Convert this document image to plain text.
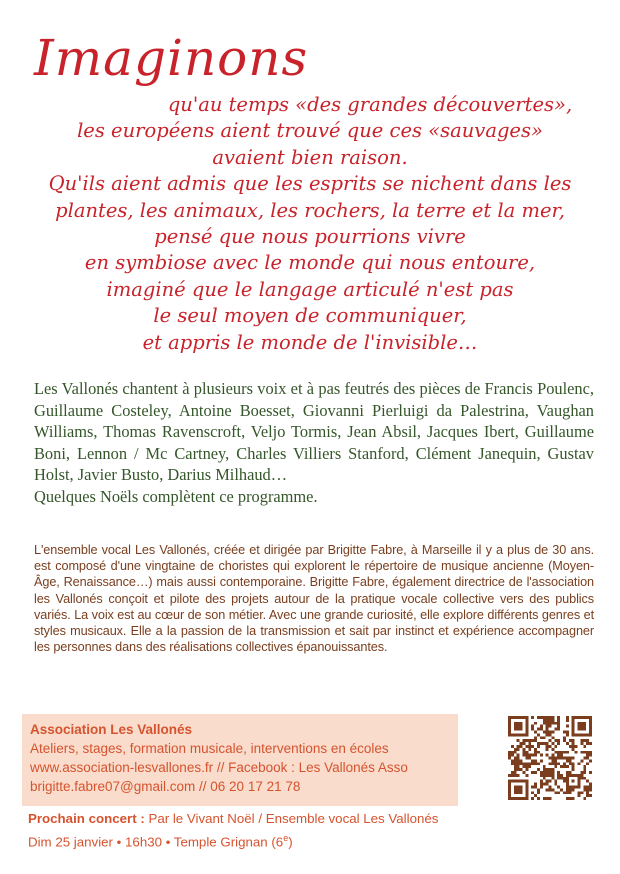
Imaginons
qu'au temps «des grandes découvertes»,
les européens aient trouvé que ces «sauvages»
avaient bien raison.
Qu'ils aient admis que les esprits se nichent dans les
plantes, les animaux, les rochers, la terre et la mer,
pensé que nous pourrions vivre
en symbiose avec le monde qui nous entoure,
imaginé que le langage articulé n'est pas
le seul moyen de communiquer,
et appris le monde de l'invisible…

Les Vallonés chantent à plusieurs voix et à pas feutrés des pièces de Francis Poulenc, Guillaume Costeley, Antoine Boesset, Giovanni Pierluigi da Palestrina, Vaughan Williams, Thomas Ravenscroft, Veljo Tormis, Jean Absil, Jacques Ibert, Guillaume Boni, Lennon / Mc Cartney, Charles Villiers Stanford, Clément Janequin, Gustav Holst, Javier Busto, Darius Milhaud…

Quelques Noëls complètent ce programme.

L'ensemble vocal Les Vallonés, créée et dirigée par Brigitte Fabre, à Marseille il y a plus de 30 ans. est composé d'une vingtaine de choristes qui explorent le répertoire de musique ancienne (Moyen-Âge, Renaissance…) mais aussi contemporaine. Brigitte Fabre, également directrice de l'association les Vallonés conçoit et pilote des projets autour de la pratique vocale collective vers des publics variés. La voix est au cœur de son métier. Avec une grande curiosité, elle explore différents genres et styles musicaux. Elle a la passion de la transmission et sait par instinct et expérience accompagner les personnes dans des réalisations collectives épanouissantes.
Association Les Vallonés
Ateliers, stages, formation musicale, interventions en écoles
www.association-lesvallones.fr // Facebook : Les Vallonés Asso
brigitte.fabre07@gmail.com // 06 20 17 21 78
Prochain concert : Par le Vivant Noël / Ensemble vocal Les Vallonés
Dim 25 janvier • 16h30 • Temple Grignan (6e)
